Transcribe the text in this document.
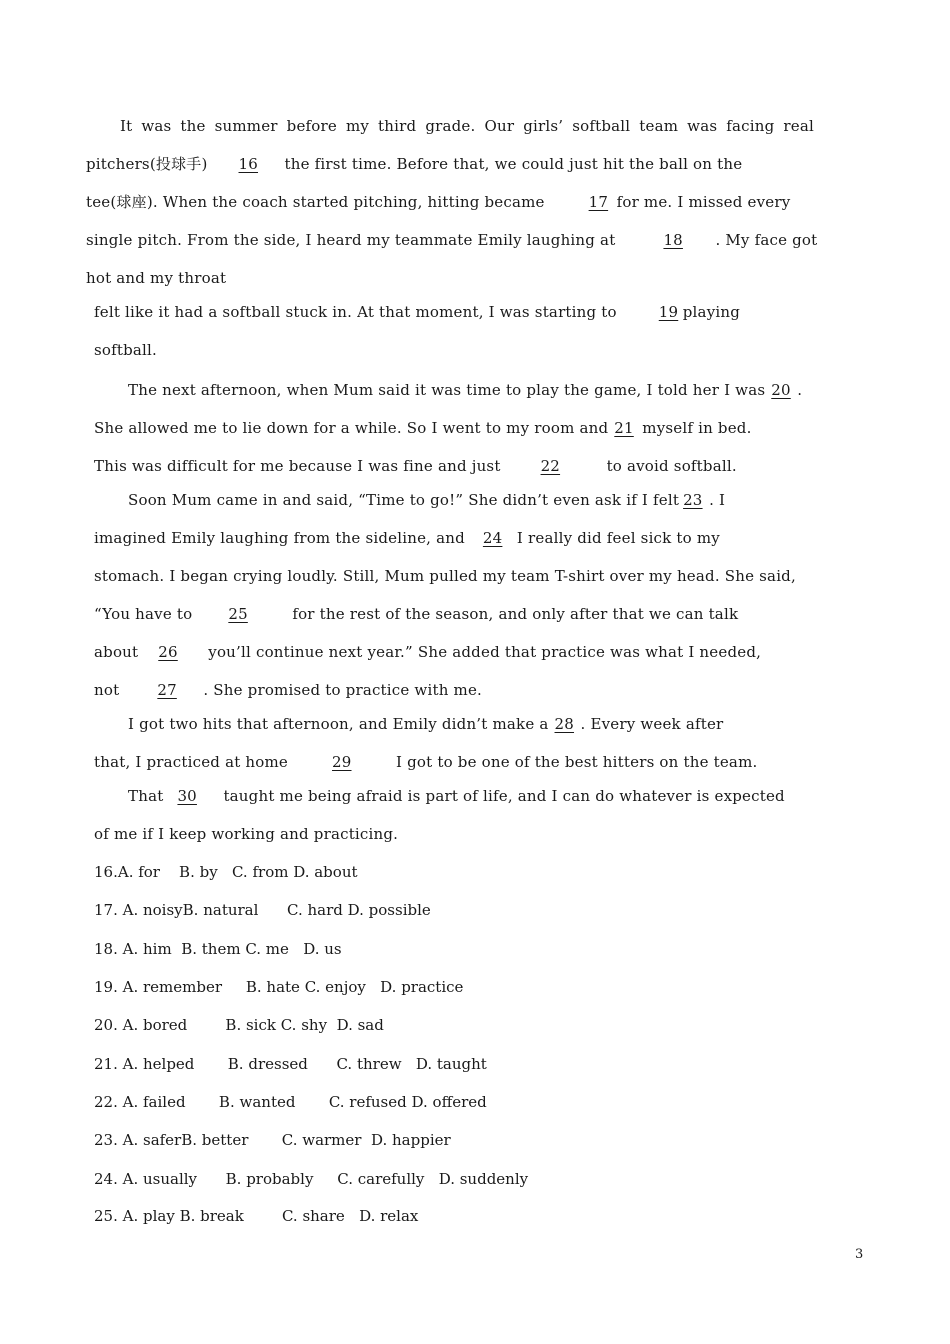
It was the summer before my third grade. Our girls’ softball team was facing real
pitchers(投球手) 16 the first time. Before that, we could just hit the ball on the
tee(球座). When the coach started pitching, hitting became	17 for me. I missed every
single pitch. From the side, I heard my teammate Emily laughing at	18 . My face got
hot and my throat
felt like it had a softball stuck in. At that moment, I was starting to	19 playing
softball.
The next afternoon, when Mum said it was time to play the game, I told her I was 20 .
She allowed me to lie down for a while. So I went to my room and 21 myself in bed.
This was difficult for me because I was fine and just	22	to avoid softball.
Soon Mum came in and said, “Time to go!” She didn’t even ask if I felt 23 . I
imagined Emily laughing from the sideline, and 24 I really did feel sick to my
stomach. I began crying loudly. Still, Mum pulled my team T-shirt over my head. She said,
“You have to 25	for the rest of the season, and only after that we can talk
about 26 you’ll continue next year.” She added that practice was what I needed,
not	27 . She promised to practice with me.
I got two hits that afternoon, and Emily didn’t make a 28 . Every week after
that, I practiced at home	29	I got to be one of the best hitters on the team.
That 30 taught me being afraid is part of life, and I can do whatever is expected
of me if I keep working and practicing.
16.A. for    B. by   C. from D. about
17. A. noisyB. natural      C. hard D. possible
18. A. him  B. them C. me   D. us
19. A. remember     B. hate C. enjoy   D. practice
20. A. bored        B. sick C. shy  D. sad
21. A. helped       B. dressed      C. threw   D. taught
22. A. failed       B. wanted       C. refused D. offered
23. A. saferB. better       C. warmer  D. happier
24. A. usually      B. probably     C. carefully   D. suddenly
25. A. play B. break        C. share   D. relax
3
